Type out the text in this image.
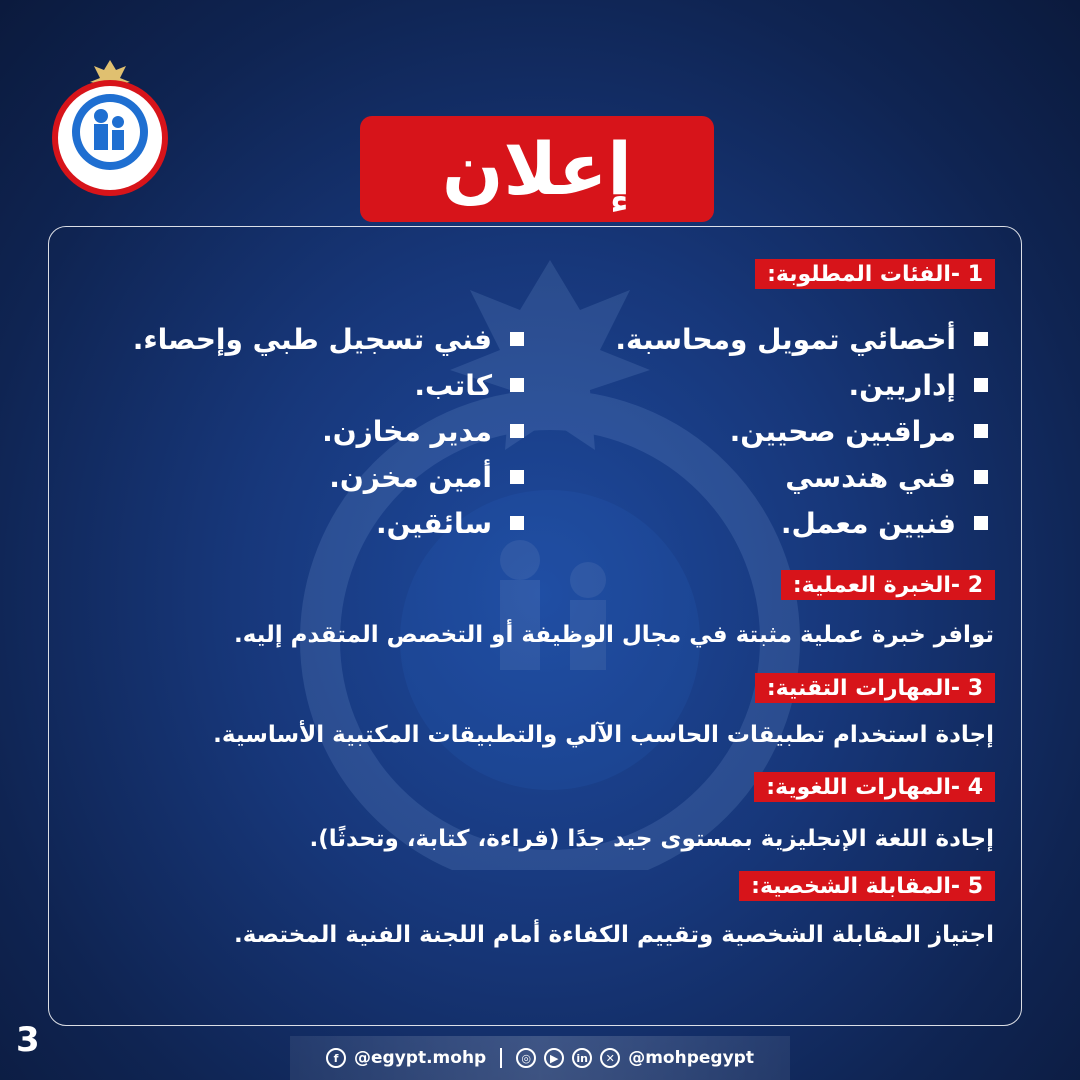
إعلان
1 -الفئات المطلوبة:
أخصائي تمويل ومحاسبة.
إداريين.
مراقبين صحيين.
فني هندسي
فنيين معمل.
فني تسجيل طبي وإحصاء.
كاتب.
مدير مخازن.
أمين مخزن.
سائقين.
2 -الخبرة العملية:
توافر خبرة عملية مثبتة في مجال الوظيفة أو التخصص المتقدم إليه.
3 -المهارات التقنية:
إجادة استخدام تطبيقات الحاسب الآلي والتطبيقات المكتبية الأساسية.
4 -المهارات اللغوية:
إجادة اللغة الإنجليزية بمستوى جيد جدًا (قراءة، كتابة، وتحدثًا).
5 -المقابلة الشخصية:
اجتياز المقابلة الشخصية وتقييم الكفاءة أمام اللجنة الفنية المختصة.
3	f @egypt.mohp	◎	▶	in	✕ @mohpegypt
